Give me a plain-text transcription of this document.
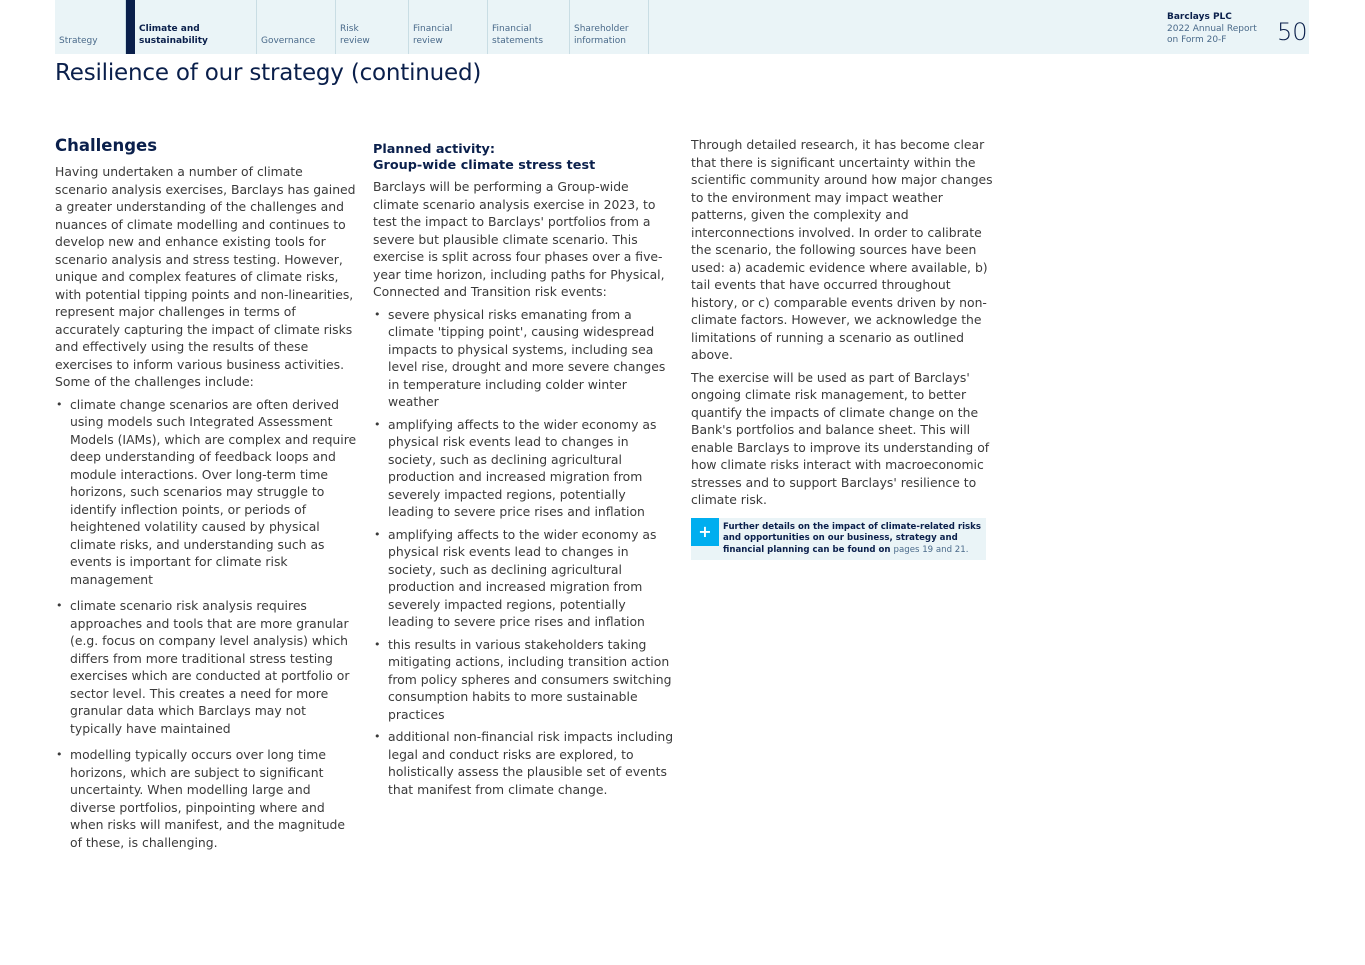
Strategy
Climate and
sustainability	Governance
Risk
review
Financial
review
Financial
statements
Shareholder
information
Barclays PLC
2022 Annual Report
on Form 20-F	50
Resilience of our strategy (continued)
Challenges

Having undertaken a number of climate scenario analysis exercises, Barclays has gained a greater understanding of the challenges and nuances of climate modelling and continues to develop new and enhance existing tools for scenario analysis and stress testing. However, unique and complex features of climate risks, with potential tipping points and non-linearities, represent major challenges in terms of accurately capturing the impact of climate risks and effectively using the results of these exercises to inform various business activities. Some of the challenges include:

• climate change scenarios are often derived using models such Integrated Assessment Models (IAMs), which are complex and require deep understanding of feedback loops and module interactions. Over long-term time horizons, such scenarios may struggle to identify inflection points, or periods of heightened volatility caused by physical climate risks, and understanding such as events is important for climate risk management
• climate scenario risk analysis requires approaches and tools that are more granular (e.g. focus on company level analysis) which differs from more traditional stress testing exercises which are conducted at portfolio or sector level. This creates a need for more granular data which Barclays may not typically have maintained
• modelling typically occurs over long time horizons, which are subject to significant uncertainty. When modelling large and diverse portfolios, pinpointing where and when risks will manifest, and the magnitude of these, is challenging.
Planned activity:
Group-wide climate stress test

Barclays will be performing a Group-wide climate scenario analysis exercise in 2023, to test the impact to Barclays' portfolios from a severe but plausible climate scenario. This exercise is split across four phases over a five-year time horizon, including paths for Physical, Connected and Transition risk events:

• severe physical risks emanating from a climate 'tipping point', causing widespread impacts to physical systems, including sea level rise, drought and more severe changes in temperature including colder winter weather
• amplifying affects to the wider economy as physical risk events lead to changes in society, such as declining agricultural production and increased migration from severely impacted regions, potentially leading to severe price rises and inflation
• amplifying affects to the wider economy as physical risk events lead to changes in society, such as declining agricultural production and increased migration from severely impacted regions, potentially leading to severe price rises and inflation
• this results in various stakeholders taking mitigating actions, including transition action from policy spheres and consumers switching consumption habits to more sustainable practices
• additional non-financial risk impacts including legal and conduct risks are explored, to holistically assess the plausible set of events that manifest from climate change.

Through detailed research, it has become clear that there is significant uncertainty within the scientific community around how major changes to the environment may impact weather patterns, given the complexity and interconnections involved. In order to calibrate the scenario, the following sources have been used: a) academic evidence where available, b) tail events that have occurred throughout history, or c) comparable events driven by non-climate factors. However, we acknowledge the limitations of running a scenario as outlined above.

The exercise will be used as part of Barclays' ongoing climate risk management, to better quantify the impacts of climate change on the Bank's portfolios and balance sheet. This will enable Barclays to improve its understanding of how climate risks interact with macroeconomic stresses and to support Barclays' resilience to climate risk.

+	Further details on the impact of climate-related risks and opportunities on our business, strategy and financial planning can be found on pages 19 and 21.
